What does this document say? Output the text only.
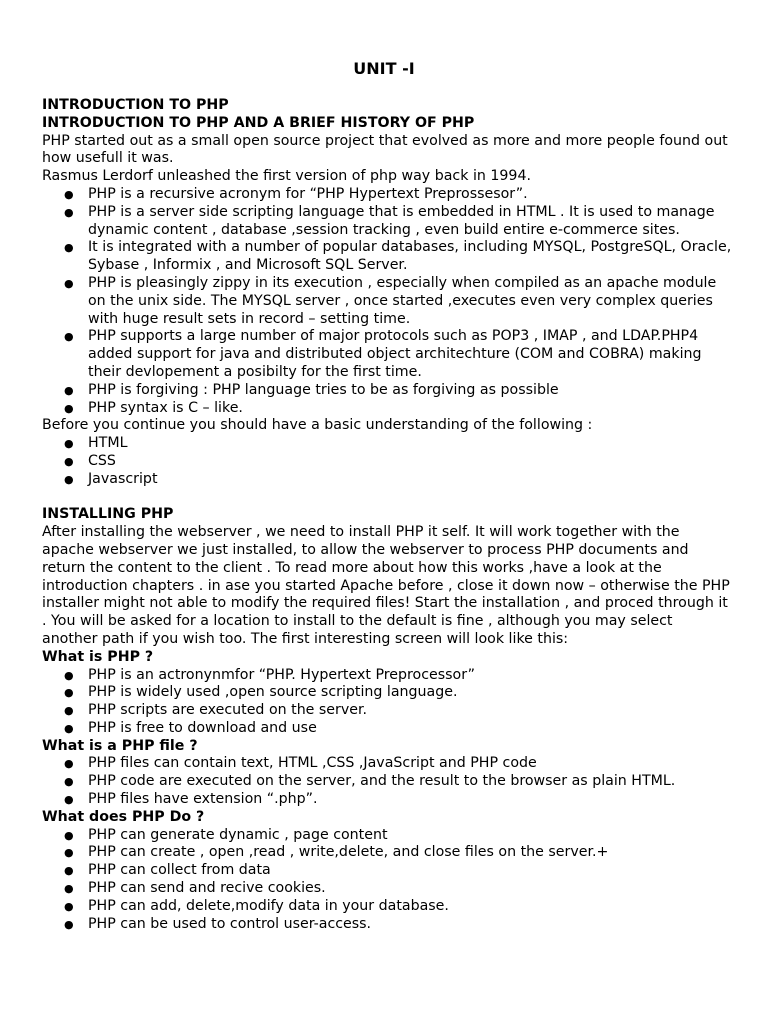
UNIT -I

INTRODUCTION TO PHP

INTRODUCTION TO PHP AND A BRIEF HISTORY OF PHP

PHP started out as a small open source project that evolved as more and more people found out how usefull it was.

Rasmus Lerdorf unleashed the first version of php way back in 1994.

● PHP is a recursive acronym for “PHP Hypertext Preprossesor”.
● PHP is a server side scripting language that is embedded in HTML . It is used to manage dynamic content , database ,session tracking , even build entire e-commerce sites.
● It is integrated with a number of popular databases, including MYSQL, PostgreSQL, Oracle, Sybase , Informix , and Microsoft SQL Server.
● PHP is pleasingly zippy in its execution , especially when compiled as an apache module on the unix side. The MYSQL server , once started ,executes even very complex queries with huge result sets in record – setting time.
● PHP supports a large number of major protocols such as POP3 , IMAP , and LDAP.PHP4 added support for java and distributed object architechture (COM and COBRA) making their devlopement a posibilty for the first time.
● PHP is forgiving : PHP language tries to be as forgiving as possible
● PHP syntax is C – like.

Before you continue you should have a basic understanding of the following :

● HTML
● CSS
● Javascript

INSTALLING PHP

After installing the webserver , we need to install PHP it self. It will work together with the apache webserver we just installed, to allow the webserver to process PHP documents and return the content to the client . To read more about how this works ,have a look at the introduction chapters . in ase you started Apache before , close it down now – otherwise the PHP installer might not able to modify the required files! Start the installation , and proced through it . You will be asked for a location to install to the default is fine , although you may select another path if you wish too. The first interesting screen will look like this:

What is PHP ?

● PHP is an actronynmfor “PHP. Hypertext Preprocessor”
● PHP is widely used ,open source scripting language.
● PHP scripts are executed on the server.
● PHP is free to download and use

What is a PHP file ?

● PHP files can contain text, HTML ,CSS ,JavaScript and PHP code
● PHP code are executed on the server, and the result to the browser as plain HTML.
● PHP files have extension “.php”.

What does PHP Do ?

● PHP can generate dynamic , page content
● PHP can create , open ,read , write,delete, and close files on the server.+
● PHP can collect from data
● PHP can send and recive cookies.
● PHP can add, delete,modify data in your database.
● PHP can be used to control user-access.
